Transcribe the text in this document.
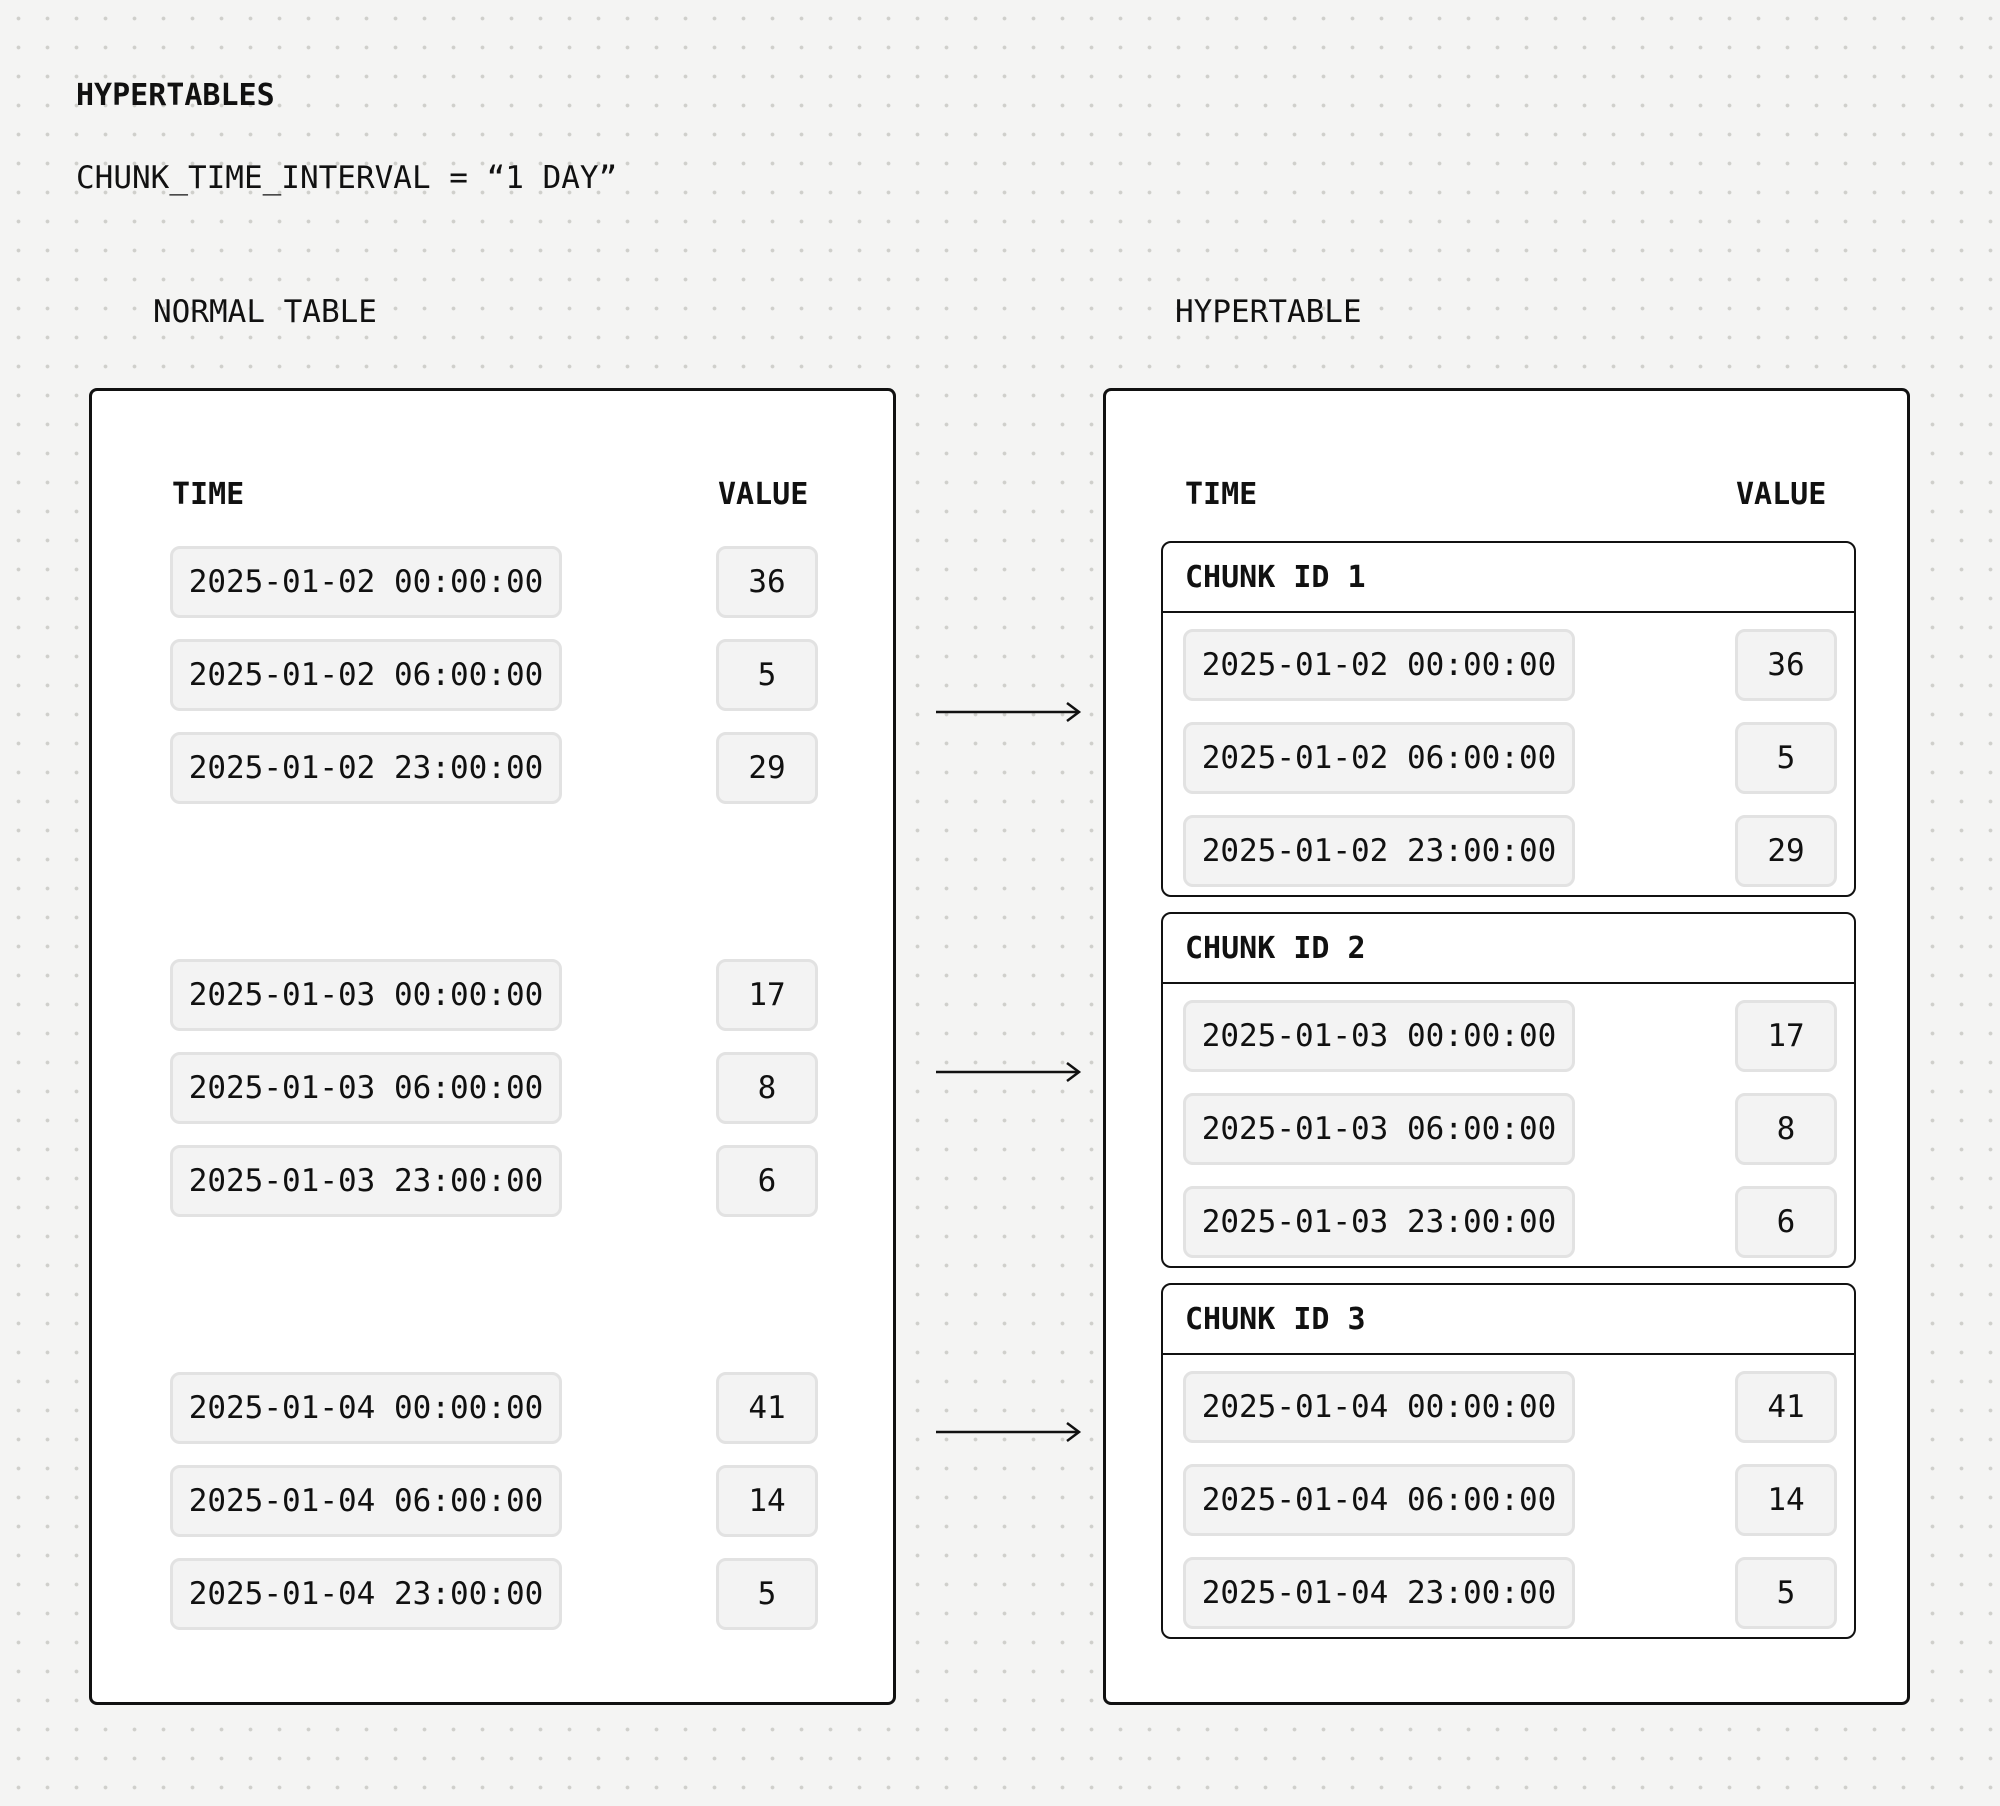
HYPERTABLES
CHUNK_TIME_INTERVAL = “1 DAY”
NORMAL TABLE	HYPERTABLE
TIME	VALUE
2025-01-02 00:00:00	36
2025-01-02 06:00:00	5
2025-01-02 23:00:00	29
2025-01-03 00:00:00	17
2025-01-03 06:00:00	8
2025-01-03 23:00:00	6
2025-01-04 00:00:00	41
2025-01-04 06:00:00	14
2025-01-04 23:00:00	5
TIME	VALUE
CHUNK ID 1
2025-01-02 00:00:00	36
2025-01-02 06:00:00	5
2025-01-02 23:00:00	29
CHUNK ID 2
2025-01-03 00:00:00	17
2025-01-03 06:00:00	8
2025-01-03 23:00:00	6
CHUNK ID 3
2025-01-04 00:00:00	41
2025-01-04 06:00:00	14
2025-01-04 23:00:00	5
